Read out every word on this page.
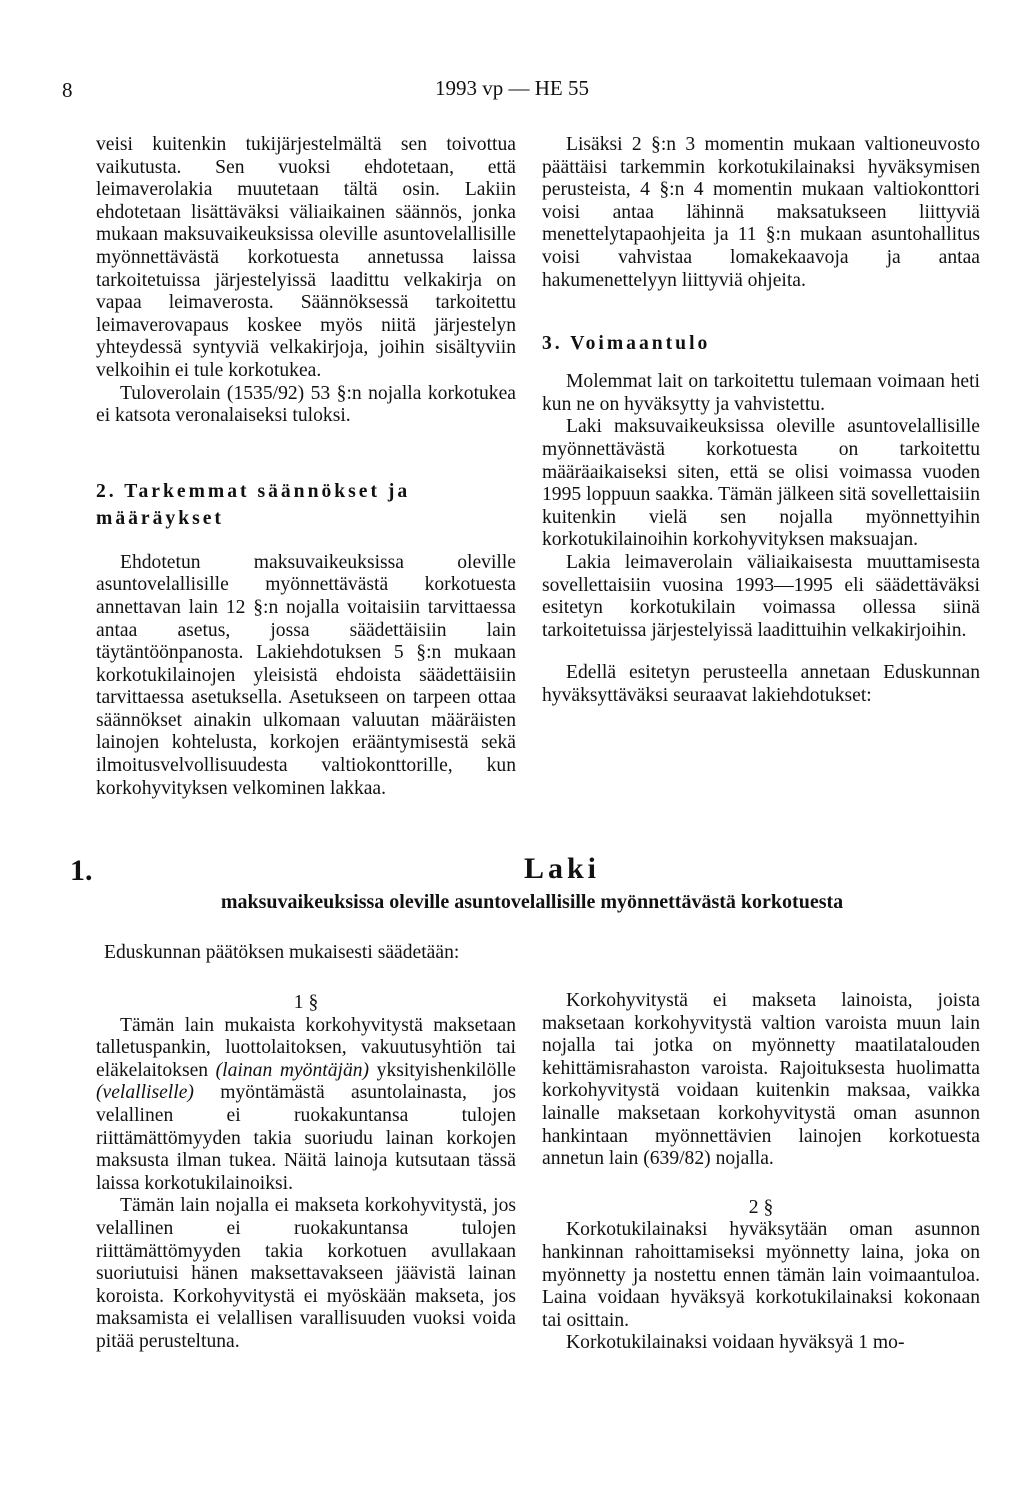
8	1993 vp — HE 55

veisi kuitenkin tukijärjestelmältä sen toivottua vaikutusta. Sen vuoksi ehdotetaan, että leimaverolakia muutetaan tältä osin. Lakiin ehdotetaan lisättäväksi väliaikainen säännös, jonka mukaan maksuvaikeuksissa oleville asuntovelallisille myönnettävästä korkotuesta annetussa laissa tarkoitetuissa järjestelyissä laadittu velkakirja on vapaa leimaverosta. Säännöksessä tarkoitettu leimaverovapaus koskee myös niitä järjestelyn yhteydessä syntyviä velkakirjoja, joihin sisältyviin velkoihin ei tule korkotukea.

Tuloverolain (1535/92) 53 §:n nojalla korkotukea ei katsota veronalaiseksi tuloksi.

2. Tarkemmat säännökset ja määräykset

Ehdotetun maksuvaikeuksissa oleville asuntovelallisille myönnettävästä korkotuesta annettavan lain 12 §:n nojalla voitaisiin tarvittaessa antaa asetus, jossa säädettäisiin lain täytäntöönpanosta. Lakiehdotuksen 5 §:n mukaan korkotukilainojen yleisistä ehdoista säädettäisiin tarvittaessa asetuksella. Asetukseen on tarpeen ottaa säännökset ainakin ulkomaan valuutan määräisten lainojen kohtelusta, korkojen erääntymisestä sekä ilmoitusvelvollisuudesta valtiokonttorille, kun korkohyvityksen velkominen lakkaa.

Lisäksi 2 §:n 3 momentin mukaan valtioneuvosto päättäisi tarkemmin korkotukilainaksi hyväksymisen perusteista, 4 §:n 4 momentin mukaan valtiokonttori voisi antaa lähinnä maksatukseen liittyviä menettelytapaohjeita ja 11 §:n mukaan asuntohallitus voisi vahvistaa lomakekaavoja ja antaa hakumenettelyyn liittyviä ohjeita.

3. Voimaantulo

Molemmat lait on tarkoitettu tulemaan voimaan heti kun ne on hyväksytty ja vahvistettu.

Laki maksuvaikeuksissa oleville asuntovelallisille myönnettävästä korkotuesta on tarkoitettu määräaikaiseksi siten, että se olisi voimassa vuoden 1995 loppuun saakka. Tämän jälkeen sitä sovellettaisiin kuitenkin vielä sen nojalla myönnettyihin korkotukilainoihin korkohyvityksen maksuajan.

Lakia leimaverolain väliaikaisesta muuttamisesta sovellettaisiin vuosina 1993—1995 eli säädettäväksi esitetyn korkotukilain voimassa ollessa siinä tarkoitetuissa järjestelyissä laadittuihin velkakirjoihin.

Edellä esitetyn perusteella annetaan Eduskunnan hyväksyttäväksi seuraavat lakiehdotukset:

1.	Laki
maksuvaikeuksissa oleville asuntovelallisille myönnettävästä korkotuesta
Eduskunnan päätöksen mukaisesti säädetään:

1 §

Tämän lain mukaista korkohyvitystä maksetaan talletuspankin, luottolaitoksen, vakuutusyhtiön tai eläkelaitoksen (lainan myöntäjän) yksityishenkilölle (velalliselle) myöntämästä asuntolainasta, jos velallinen ei ruokakuntansa tulojen riittämättömyyden takia suoriudu lainan korkojen maksusta ilman tukea. Näitä lainoja kutsutaan tässä laissa korkotukilainoiksi.

Tämän lain nojalla ei makseta korkohyvitystä, jos velallinen ei ruokakuntansa tulojen riittämättömyyden takia korkotuen avullakaan suoriutuisi hänen maksettavakseen jäävistä lainan koroista. Korkohyvitystä ei myöskään makseta, jos maksamista ei velallisen varallisuuden vuoksi voida pitää perusteltuna.

Korkohyvitystä ei makseta lainoista, joista maksetaan korkohyvitystä valtion varoista muun lain nojalla tai jotka on myönnetty maatilatalouden kehittämisrahaston varoista. Rajoituksesta huolimatta korkohyvitystä voidaan kuitenkin maksaa, vaikka lainalle maksetaan korkohyvitystä oman asunnon hankintaan myönnettävien lainojen korkotuesta annetun lain (639/82) nojalla.

2 §

Korkotukilainaksi hyväksytään oman asunnon hankinnan rahoittamiseksi myönnetty laina, joka on myönnetty ja nostettu ennen tämän lain voimaantuloa. Laina voidaan hyväksyä korkotukilainaksi kokonaan tai osittain.

Korkotukilainaksi voidaan hyväksyä 1 mo-
